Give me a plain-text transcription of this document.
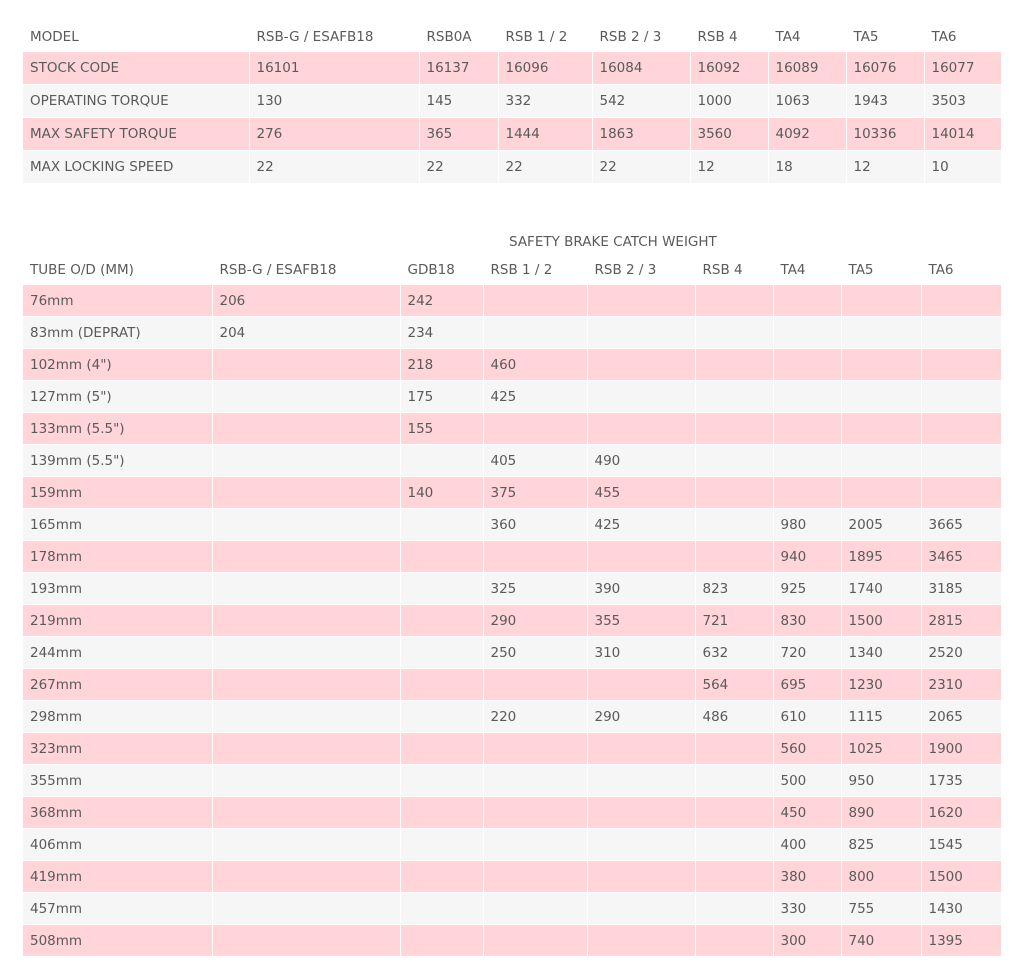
MODEL	RSB-G / ESAFB18	RSB0A	RSB 1 / 2	RSB 2 / 3	RSB 4	TA4	TA5	TA6
STOCK CODE	16101	16137	16096	16084	16092	16089	16076	16077
OPERATING TORQUE	130	145	332	542	1000	1063	1943	3503
MAX SAFETY TORQUE	276	365	1444	1863	3560	4092	10336	14014
MAX LOCKING SPEED	22	22	22	22	12	18	12	10
SAFETY BRAKE CATCH WEIGHT
TUBE O/D (MM)	RSB-G / ESAFB18	GDB18	RSB 1 / 2	RSB 2 / 3	RSB 4	TA4	TA5	TA6
76mm	206	242						
83mm (DEPRAT)	204	234						
102mm (4")		218	460					
127mm (5")		175	425					
133mm (5.5")		155						
139mm (5.5")			405	490				
159mm		140	375	455				
165mm			360	425		980	2005	3665
178mm						940	1895	3465
193mm			325	390	823	925	1740	3185
219mm			290	355	721	830	1500	2815
244mm			250	310	632	720	1340	2520
267mm					564	695	1230	2310
298mm			220	290	486	610	1115	2065
323mm						560	1025	1900
355mm						500	950	1735
368mm						450	890	1620
406mm						400	825	1545
419mm						380	800	1500
457mm						330	755	1430
508mm						300	740	1395
